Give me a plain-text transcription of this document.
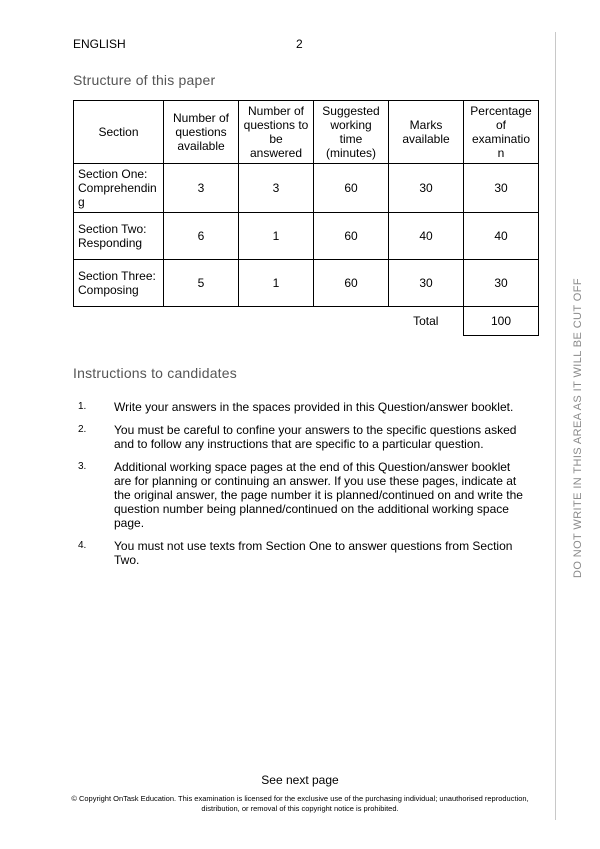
ENGLISH	2
Structure of this paper
Section	Number of questions available	Number of questions to be answered	Suggested working time (minutes)	Marks available	Percentage of examinatio n
Section One: Comprehendin g	3	3	60	30	30
Section Two: Responding	6	1	60	40	40
Section Three: Composing	5	1	60	30	30
				Total	100
Instructions to candidates
1. Write your answers in the spaces provided in this Question/answer booklet.
2. You must be careful to confine your answers to the specific questions asked and to follow any instructions that are specific to a particular question.
3. Additional working space pages at the end of this Question/answer booklet are for planning or continuing an answer. If you use these pages, indicate at the original answer, the page number it is planned/continued on and write the question number being planned/continued on the additional working space page.
4. You must not use texts from Section One to answer questions from Section Two.
See next page
© Copyright OnTask Education. This examination is licensed for the exclusive use of the purchasing individual; unauthorised reproduction, distribution, or removal of this copyright notice is prohibited.
DO NOT WRITE IN THIS AREA AS IT WILL BE CUT OFF
